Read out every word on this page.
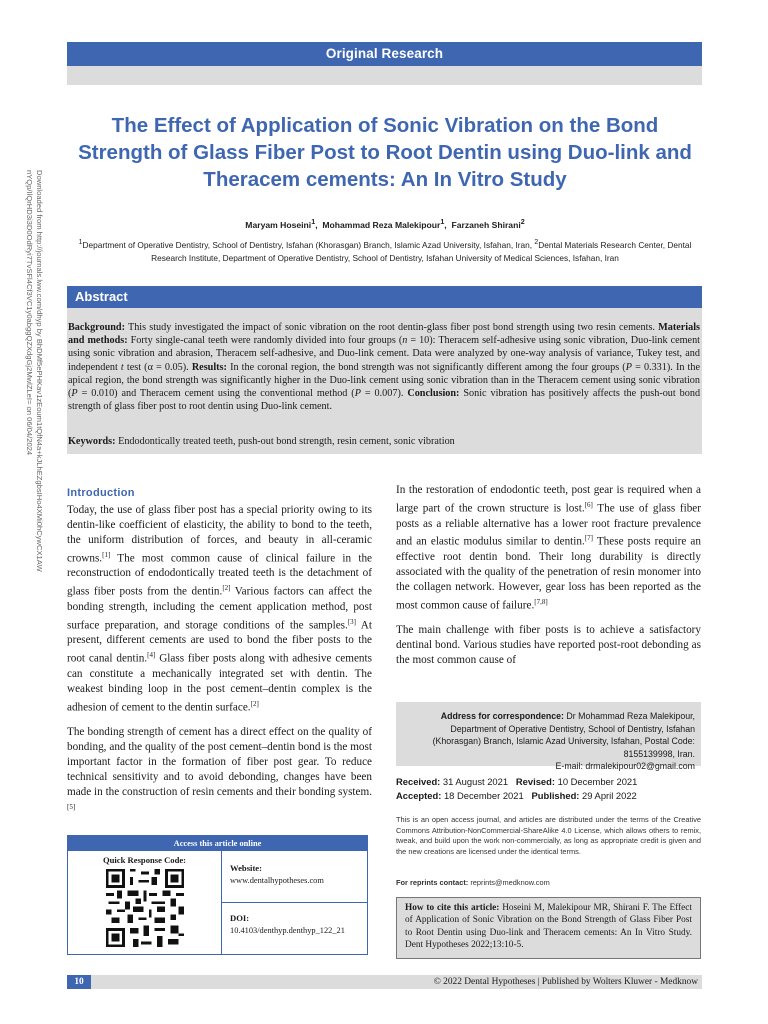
Original Research
Downloaded from http://journals.lww.com/dhyp by BhDMf5ePHKav1zEoum1tQfN4a+kJLhEZgbsIHo4XMi0hCywCX1AW
nYQp/IlQrHD3i3D0OdRyi7TvSFl4Cf3VC1y0abggQZXdgGj2MwlZLeI= on 06/04/2024
The Effect of Application of Sonic Vibration on the Bond Strength of Glass Fiber Post to Root Dentin using Duo-link and Theracem cements: An In Vitro Study
Maryam Hoseini$^1$,  Mohammad Reza Malekipour$^1$,  Farzaneh Shirani$^2$
$^1$Department of Operative Dentistry, School of Dentistry, Isfahan (Khorasgan) Branch, Islamic Azad University, Isfahan, Iran, $^2$Dental Materials Research Center, Dental Research Institute, Department of Operative Dentistry, School of Dentistry, Isfahan University of Medical Sciences, Isfahan, Iran
Abstract
Background: This study investigated the impact of sonic vibration on the root dentin-glass fiber post bond strength using two resin cements. Materials and methods: Forty single-canal teeth were randomly divided into four groups (n = 10): Theracem self-adhesive using sonic vibration, Duo-link cement using sonic vibration and abrasion, Theracem self-adhesive, and Duo-link cement. Data were analyzed by one-way analysis of variance, Tukey test, and independent t test (α = 0.05). Results: In the coronal region, the bond strength was not significantly different among the four groups (P = 0.331). In the apical region, the bond strength was significantly higher in the Duo-link cement using sonic vibration than in the Theracem cement using sonic vibration (P = 0.010) and Theracem cement using the conventional method (P = 0.007). Conclusion: Sonic vibration has positively affects the push-out bond strength of glass fiber post to root dentin using Duo-link cement.
Keywords: Endodontically treated teeth, push-out bond strength, resin cement, sonic vibration
Introduction

Today, the use of glass fiber post has a special priority owing to its dentin-like coefficient of elasticity, the ability to bond to the teeth, the uniform distribution of forces, and beauty in all-ceramic crowns.[1] The most common cause of clinical failure in the reconstruction of endodontically treated teeth is the detachment of glass fiber posts from the dentin.[2] Various factors can affect the bonding strength, including the cement application method, post surface preparation, and storage conditions of the samples.[3] At present, different cements are used to bond the fiber posts to the root canal dentin.[4] Glass fiber posts along with adhesive cements can constitute a mechanically integrated set with dentin. The weakest binding loop in the post cement–dentin complex is the adhesion of cement to the dentin surface.[2]

The bonding strength of cement has a direct effect on the quality of bonding, and the quality of the post cement–dentin bond is the most important factor in the formation of fiber post gear. To reduce technical sensitivity and to avoid debonding, changes have been made in the construction of resin cements and their bonding system.[5]

In the restoration of endodontic teeth, post gear is required when a large part of the crown structure is lost.[6] The use of glass fiber posts as a reliable alternative has a lower root fracture prevalence and an elastic modulus similar to dentin.[7] These posts require an effective root dentin bond. Their long durability is directly associated with the quality of the penetration of resin monomer into the collagen network. However, gear loss has been reported as the most common cause of failure.[7,8]

The main challenge with fiber posts is to achieve a satisfactory dentinal bond. Various studies have reported post-root debonding as the most common cause of

Access this article online
Quick Response Code:
Website:
www.dentalhypotheses.com
DOI:
10.4103/denthyp.denthyp_122_21
Address for correspondence: Dr Mohammad Reza Malekipour, Department of Operative Dentistry, School of Dentistry, Isfahan (Khorasgan) Branch, Islamic Azad University, Isfahan, Postal Code: 8155139998, Iran.
E-mail: drmalekipour02@gmail.com
Received: 31 August 2021 Revised: 10 December 2021
Accepted: 18 December 2021 Published: 29 April 2022
This is an open access journal, and articles are distributed under the terms of the Creative Commons Attribution-NonCommercial-ShareAlike 4.0 License, which allows others to remix, tweak, and build upon the work non-commercially, as long as appropriate credit is given and the new creations are licensed under the identical terms.
For reprints contact: reprints@medknow.com
How to cite this article: Hoseini M, Malekipour MR, Shirani F. The Effect of Application of Sonic Vibration on the Bond Strength of Glass Fiber Post to Root Dentin using Duo-link and Theracem cements: An In Vitro Study. Dent Hypotheses 2022;13:10-5.
10	© 2022 Dental Hypotheses | Published by Wolters Kluwer - Medknow
